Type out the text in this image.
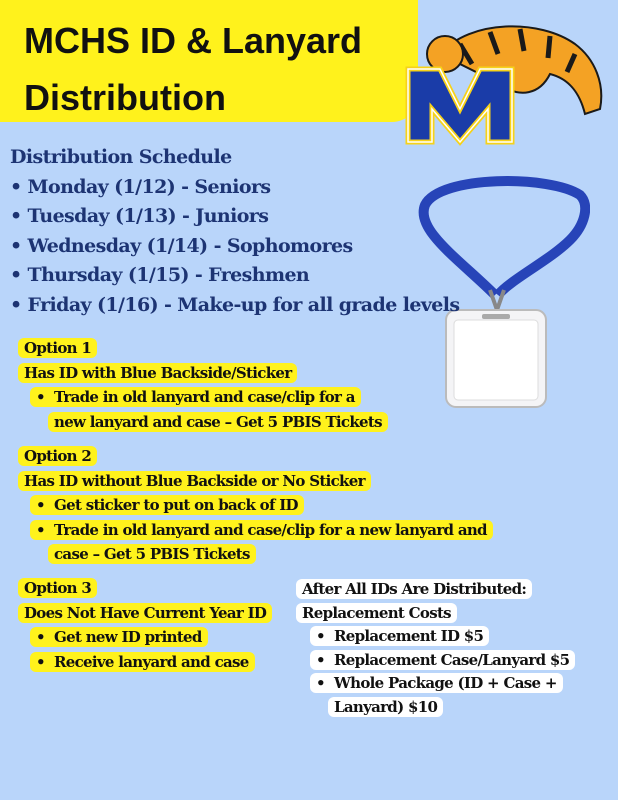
MCHS ID & Lanyard
Distribution
Distribution Schedule
• Monday (1/12) - Seniors
• Tuesday (1/13) - Juniors
• Wednesday (1/14) - Sophomores
• Thursday (1/15) - Freshmen
• Friday (1/16) - Make-up for all grade levels
Option 1
Has ID with Blue Backside/Sticker
• Trade in old lanyard and case/clip for a
new lanyard and case – Get 5 PBIS Tickets
Option 2
Has ID without Blue Backside or No Sticker
• Get sticker to put on back of ID
• Trade in old lanyard and case/clip for a new lanyard and
case – Get 5 PBIS Tickets
Option 3
Does Not Have Current Year ID
• Get new ID printed
• Receive lanyard and case
After All IDs Are Distributed:
Replacement Costs
• Replacement ID $5
• Replacement Case/Lanyard $5
• Whole Package (ID + Case +
Lanyard) $10
